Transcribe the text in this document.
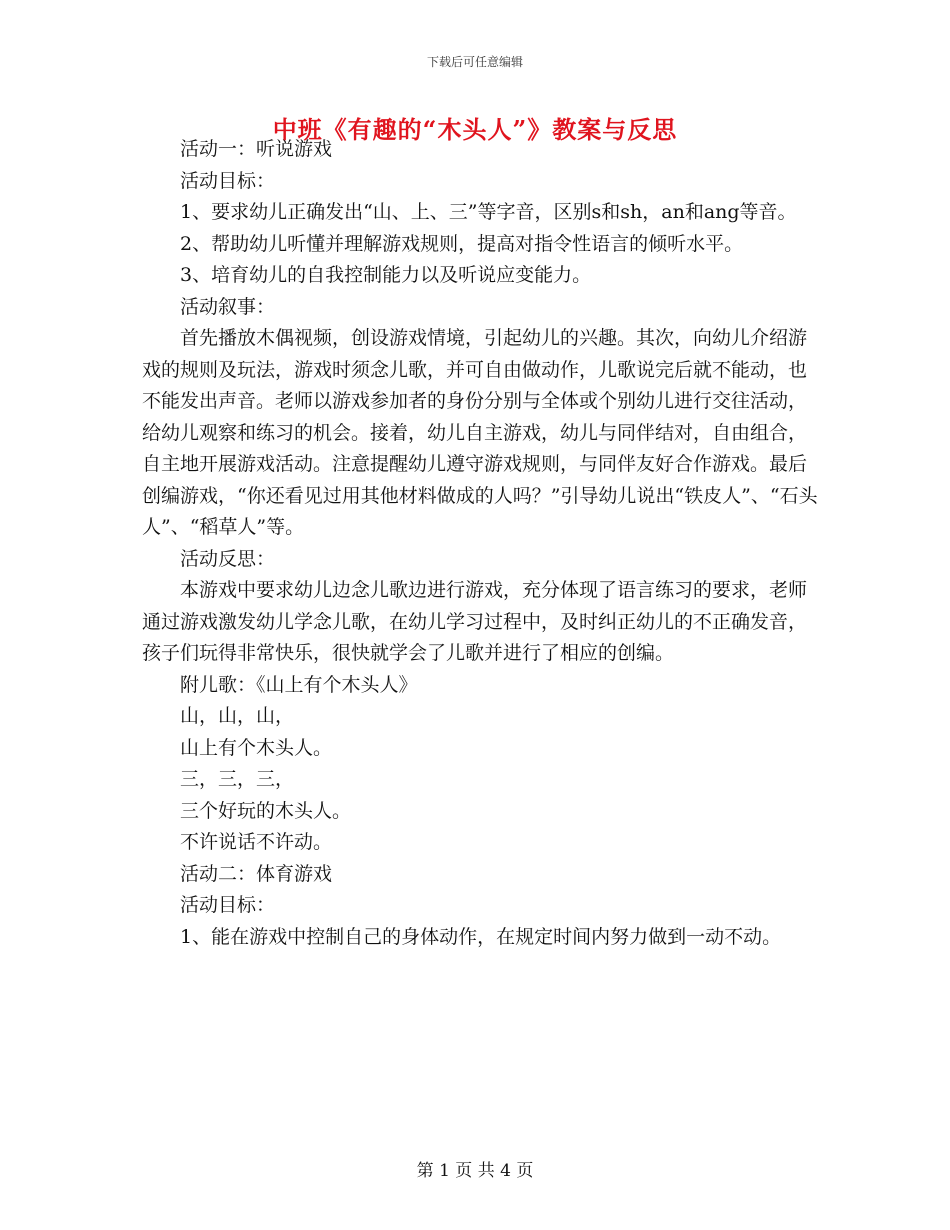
下载后可任意编辑
中班《有趣的“木头人”》教案与反思

活动一：听说游戏

活动目标：

1、要求幼儿正确发出“山、上、三”等字音，区别s和sh，an和ang等音。

2、帮助幼儿听懂并理解游戏规则，提高对指令性语言的倾听水平。

3、培育幼儿的自我控制能力以及听说应变能力。

活动叙事：

首先播放木偶视频，创设游戏情境，引起幼儿的兴趣。其次，向幼儿介绍游戏的规则及玩法，游戏时须念儿歌，并可自由做动作，儿歌说完后就不能动，也不能发出声音。老师以游戏参加者的身份分别与全体或个别幼儿进行交往活动，给幼儿观察和练习的机会。接着，幼儿自主游戏，幼儿与同伴结对，自由组合，自主地开展游戏活动。注意提醒幼儿遵守游戏规则，与同伴友好合作游戏。最后创编游戏，“你还看见过用其他材料做成的人吗？”引导幼儿说出“铁皮人”、“石头人”、“稻草人”等。

活动反思：

本游戏中要求幼儿边念儿歌边进行游戏，充分体现了语言练习的要求，老师通过游戏激发幼儿学念儿歌，在幼儿学习过程中，及时纠正幼儿的不正确发音，孩子们玩得非常快乐，很快就学会了儿歌并进行了相应的创编。

附儿歌：《山上有个木头人》

山，山，山，

山上有个木头人。

三，三，三，

三个好玩的木头人。

不许说话不许动。

活动二：体育游戏

活动目标：

1、能在游戏中控制自己的身体动作，在规定时间内努力做到一动不动。

第 1 页 共 4 页
